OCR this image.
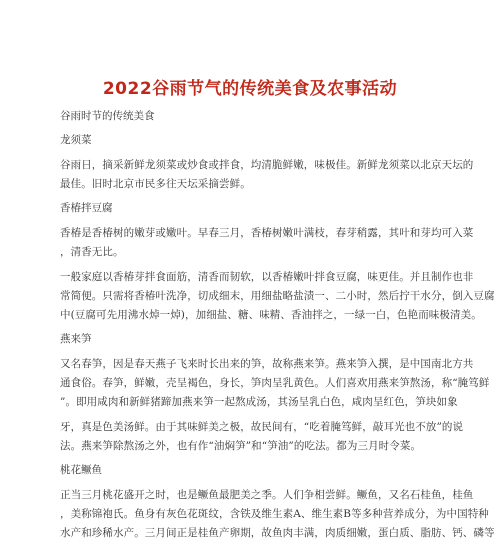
2022谷雨节气的传统美食及农事活动
谷雨时节的传统美食
龙须菜
谷雨日，摘采新鲜龙须菜或炒食或拌食，均清脆鲜嫩，味极佳。新鲜龙须菜以北京天坛的
最佳。旧时北京市民多往天坛采摘尝鲜。
香椿拌豆腐
香椿是香椿树的嫩芽或嫩叶。早春三月，香椿树嫩叶满枝，春芽稍露，其叶和芽均可入菜
，清香无比。
一般家庭以香椿芽拌食面筋，清香而韧软，以香椿嫩叶拌食豆腐，味更佳。并且制作也非
常简便。只需将香椿叶洗净，切成细末，用细盐略盐渍一、二小时，然后拧干水分，倒入豆腐
中(豆腐可先用沸水焯一焯)，加细盐、糖、味精、香油拌之，一绿一白，色艳而味极清美。
燕来笋
又名春笋，因是春天燕子飞来时长出来的笋，故称燕来笋。燕来笋入撰，是中国南北方共
通食俗。春笋，鲜嫩，壳呈褐色，身长，笋肉呈乳黄色。人们喜欢用燕来笋熬汤，称“腌笃鲜
”。即用咸肉和新鲜猪蹄加燕来笋一起熬成汤，其汤呈乳白色，咸肉呈红色，笋块如象
牙，真是色美汤鲜。由于其味鲜美之极，故民间有，“吃着腌笃鲜，敲耳光也不放”的说
法。燕来笋除熬汤之外，也有作“油焖笋”和“笋油”的吃法。都为三月时令菜。
桃花鳜鱼
正当三月桃花盛开之时，也是鳜鱼最肥美之季。人们争相尝鲜。鳜鱼，又名石桂鱼，桂鱼
，美称锦袍氏。鱼身有灰色花斑纹，含铁及维生素A、维生素B等多种营养成分，为中国特种
水产和珍稀水产。三月间正是桂鱼产卵期，故鱼肉丰满，肉质细嫩，蛋白质、脂肪、钙、磷等
